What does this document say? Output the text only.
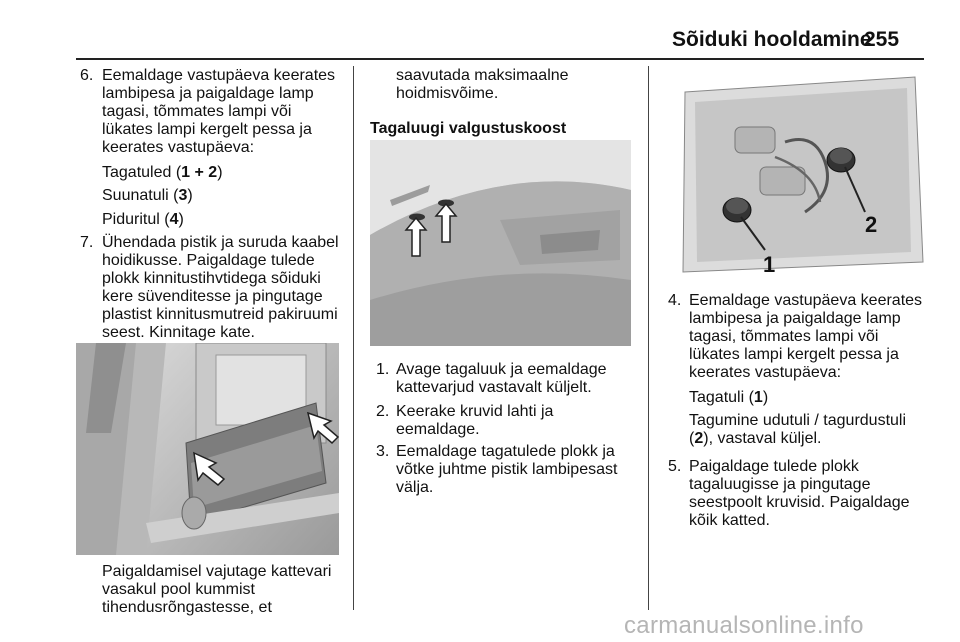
Sõiduki hooldamine
255
6. Eemaldage vastupäeva keerates
lambipesa ja paigaldage lamp
tagasi, tõmmates lampi või
lükates lampi kergelt pessa ja
keerates vastupäeva:
Tagatuled (1 + 2)
Suunatuli (3)
Piduritul (4)
7. Ühendada pistik ja suruda kaabel
hoidikusse. Paigaldage tulede
plokk kinnitustihvtidega sõiduki
kere süvenditesse ja pingutage
plastist kinnitusmutreid pakiruumi
seest. Kinnitage kate.
Paigaldamisel vajutage kattevari
vasakul pool kummist
tihendusrõngastesse, et
saavutada maksimaalne
hoidmisvõime.
Tagaluugi valgustuskoost
1. Avage tagaluuk ja eemaldage
kattevarjud vastavalt küljelt.
2. Keerake kruvid lahti ja
eemaldage.
3. Eemaldage tagatulede plokk ja
võtke juhtme pistik lambipesast
välja.
1
2
4. Eemaldage vastupäeva keerates
lambipesa ja paigaldage lamp
tagasi, tõmmates lampi või
lükates lampi kergelt pessa ja
keerates vastupäeva:
Tagatuli (1)
Tagumine udutuli / tagurdustuli
(2), vastaval küljel.
5. Paigaldage tulede plokk
tagaluugisse ja pingutage
seestpoolt kruvisid. Paigaldage
kõik katted.
carmanualsonline.info
